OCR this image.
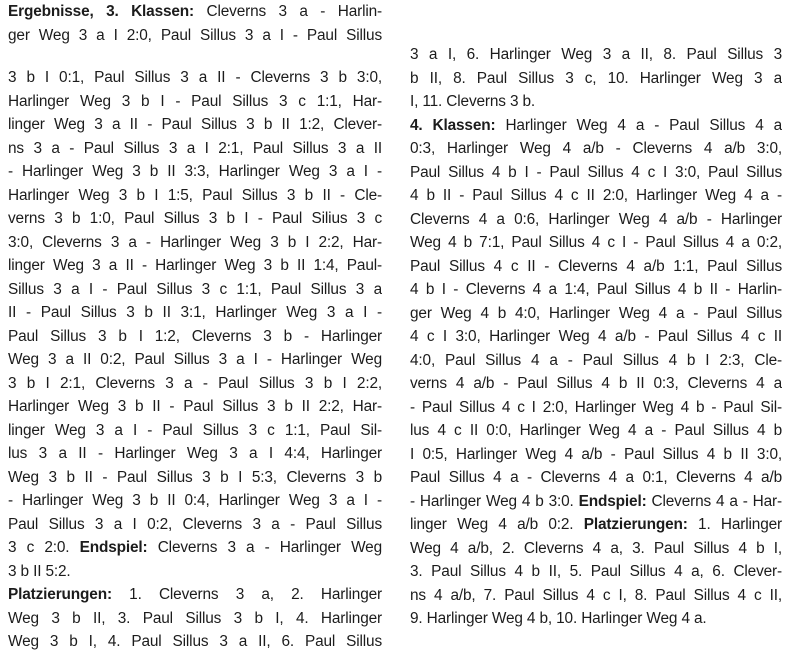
Ergebnisse, 3. Klassen: Cleverns 3 a - Harlin-
ger Weg 3 a I 2:0, Paul Sillus 3 a I - Paul Sillus
3 b I 0:1, Paul Sillus 3 a II - Cleverns 3 b 3:0,
Harlinger Weg 3 b I - Paul Sillus 3 c 1:1, Har-
linger Weg 3 a II - Paul Sillus 3 b II 1:2, Clever-
ns 3 a - Paul Sillus 3 a I 2:1, Paul Sillus 3 a II
- Harlinger Weg 3 b II 3:3, Harlinger Weg 3 a I -
Harlinger Weg 3 b I 1:5, Paul Sillus 3 b II - Cle-
verns 3 b 1:0, Paul Sillus 3 b I - Paul Silius 3 c
3:0, Cleverns 3 a - Harlinger Weg 3 b I 2:2, Har-
linger Weg 3 a II - Harlinger Weg 3 b II 1:4, Paul-
Sillus 3 a I - Paul Sillus 3 c 1:1, Paul Sillus 3 a
II - Paul Sillus 3 b II 3:1, Harlinger Weg 3 a I -
Paul Sillus 3 b I 1:2, Cleverns 3 b - Harlinger
Weg 3 a II 0:2, Paul Sillus 3 a I - Harlinger Weg
3 b I 2:1, Cleverns 3 a - Paul Sillus 3 b I 2:2,
Harlinger Weg 3 b II - Paul Sillus 3 b II 2:2, Har-
linger Weg 3 a I - Paul Sillus 3 c 1:1, Paul Sil-
lus 3 a II - Harlinger Weg 3 a I 4:4, Harlinger
Weg 3 b II - Paul Sillus 3 b I 5:3, Cleverns 3 b
- Harlinger Weg 3 b II 0:4, Harlinger Weg 3 a I -
Paul Sillus 3 a I 0:2, Cleverns 3 a - Paul Sillus
3 c 2:0. Endspiel: Cleverns 3 a - Harlinger Weg
3 b II 5:2.
Platzierungen: 1. Cleverns 3 a, 2. Harlinger
Weg 3 b II, 3. Paul Sillus 3 b I, 4. Harlinger
Weg 3 b I, 4. Paul Sillus 3 a II, 6. Paul Sillus
3 a I, 6. Harlinger Weg 3 a II, 8. Paul Sillus 3
b II, 8. Paul Sillus 3 c, 10. Harlinger Weg 3 a
I, 11. Cleverns 3 b.
4. Klassen: Harlinger Weg 4 a - Paul Sillus 4 a
0:3, Harlinger Weg 4 a/b - Cleverns 4 a/b 3:0,
Paul Sillus 4 b I - Paul Sillus 4 c I 3:0, Paul Sillus
4 b II - Paul Sillus 4 c II 2:0, Harlinger Weg 4 a -
Cleverns 4 a 0:6, Harlinger Weg 4 a/b - Harlinger
Weg 4 b 7:1, Paul Sillus 4 c I - Paul Sillus 4 a 0:2,
Paul Sillus 4 c II - Cleverns 4 a/b 1:1, Paul Sillus
4 b I - Cleverns 4 a 1:4, Paul Sillus 4 b II - Harlin-
ger Weg 4 b 4:0, Harlinger Weg 4 a - Paul Sillus
4 c I 3:0, Harlinger Weg 4 a/b - Paul Sillus 4 c II
4:0, Paul Sillus 4 a - Paul Sillus 4 b I 2:3, Cle-
verns 4 a/b - Paul Sillus 4 b II 0:3, Cleverns 4 a
- Paul Sillus 4 c I 2:0, Harlinger Weg 4 b - Paul Sil-
lus 4 c II 0:0, Harlinger Weg 4 a - Paul Sillus 4 b
I 0:5, Harlinger Weg 4 a/b - Paul Sillus 4 b II 3:0,
Paul Sillus 4 a - Cleverns 4 a 0:1, Cleverns 4 a/b
- Harlinger Weg 4 b 3:0. Endspiel: Cleverns 4 a - Har-
linger Weg 4 a/b 0:2. Platzierungen: 1. Harlinger
Weg 4 a/b, 2. Cleverns 4 a, 3. Paul Sillus 4 b I,
3. Paul Sillus 4 b II, 5. Paul Sillus 4 a, 6. Clever-
ns 4 a/b, 7. Paul Sillus 4 c I, 8. Paul Sillus 4 c II,
9. Harlinger Weg 4 b, 10. Harlinger Weg 4 a.
